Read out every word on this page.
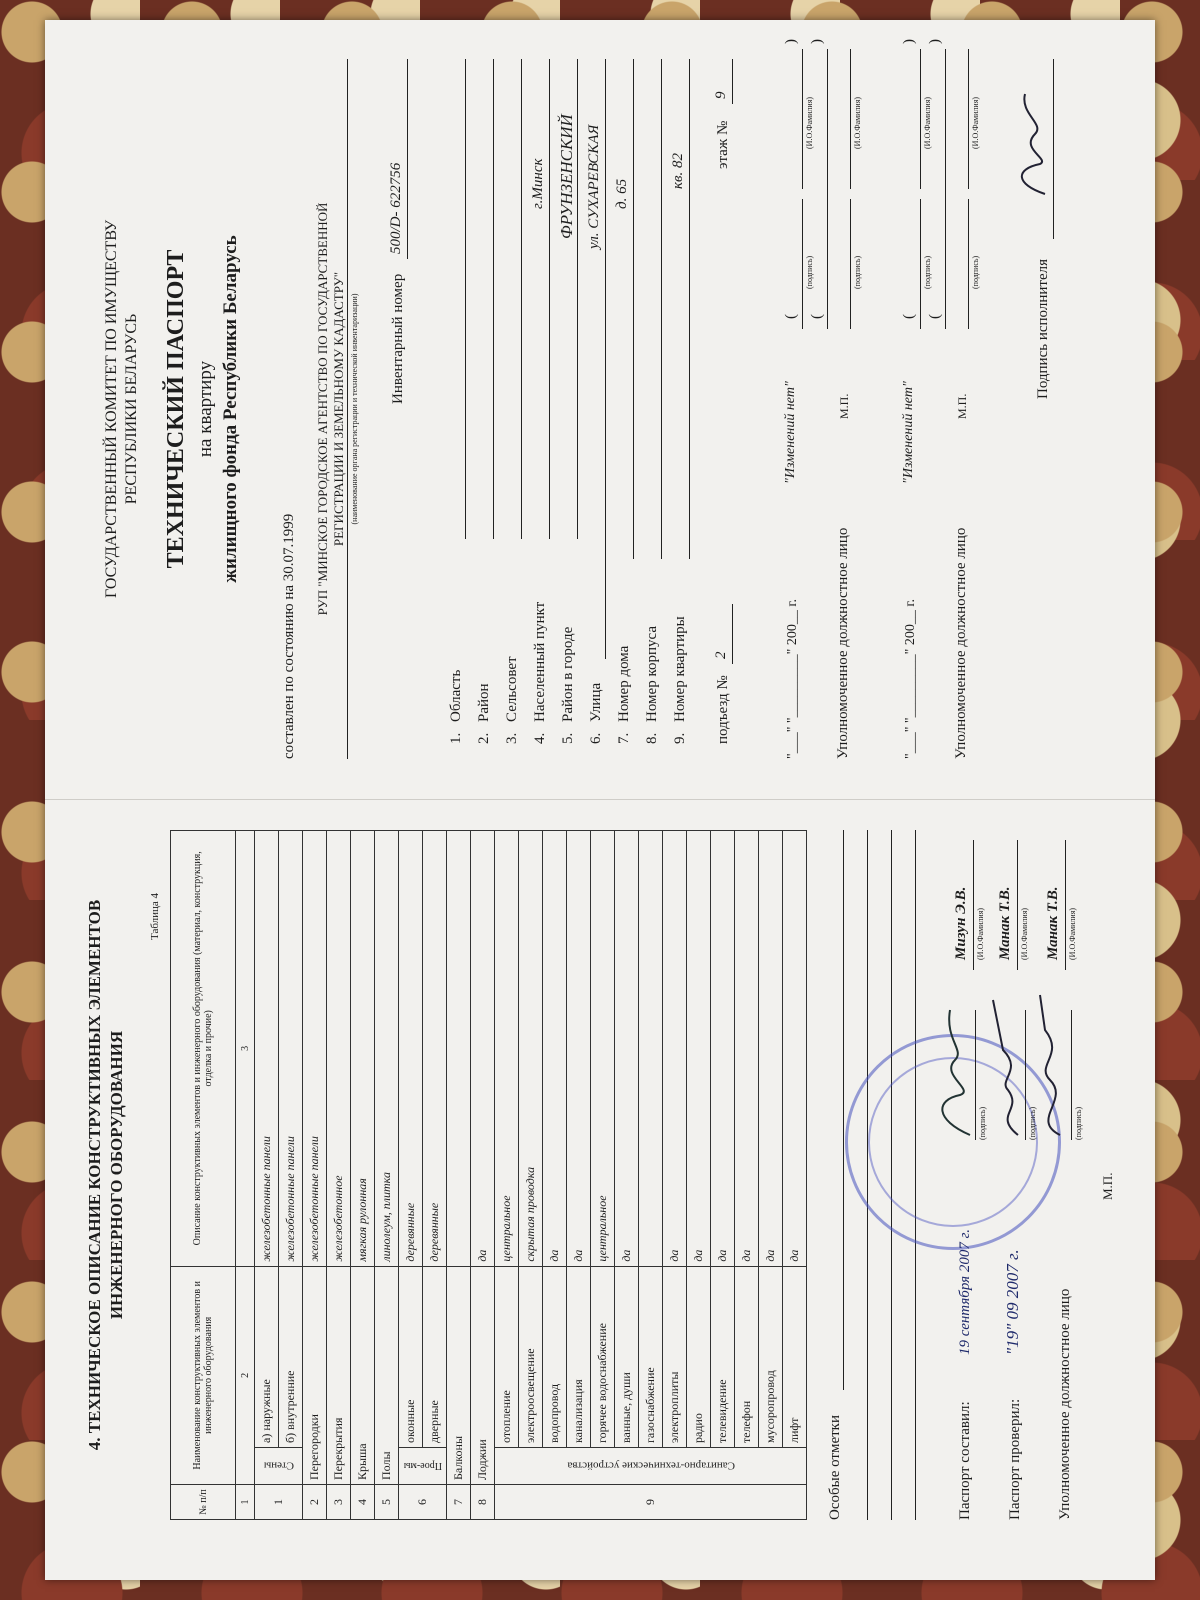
4. ТЕХНИЧЕСКОЕ ОПИСАНИЕ КОНСТРУКТИВНЫХ ЭЛЕМЕНТОВ ИНЖЕНЕРНОГО ОБОРУДОВАНИЯ
Таблица 4
№ п/п	Наименование конструктивных элементов и инженерного оборудования		Описание конструктивных элементов и инженерного оборудования (материал, конструкция, отделка и прочие)
1	2		3
1	Стены	а) наружные	железобетонные панели
		б) внутренние	железобетонные панели
2	Перегородки		железобетонные панели
3	Перекрытия		железобетонное
4	Крыша		мягкая рулонная
5	Полы		линолеум, плитка
6	Прое-мы	оконные	деревянные
		дверные	деревянные
7	Балконы		
8	Лоджии		да
9	Санитарно-технические устройства	отопление	центральное
		электроосвещение	скрытая проводка
		водопровод	да
		канализация	да
		горячее водоснабжение	центральное
		ванные, души	да
		газоснабжение	
		электроплиты	да
		радио	да
		телевидение	да
		телефон	да
		мусоропровод	да
		лифт	да
Особые отметки	Паспорт составил:
19 сентября 2007 г.
(подпись)
Мизун Э.В. (И.О.Фамилия)
Паспорт проверил:
"19" 09 2007 г.
(подпись)
Манак Т.В. (И.О.Фамилия)
Уполномоченное должностное лицо
(подпись)
Манак Т.В. (И.О.Фамилия)
М.П.
ГОСУДАРСТВЕННЫЙ КОМИТЕТ ПО ИМУЩЕСТВУ РЕСПУБЛИКИ БЕЛАРУСЬ ТЕХНИЧЕСКИЙ ПАСПОРТ на квартиру жилищного фонда Республики Беларусь
составлен по состоянию на 30.07.1999
РУП "МИНСКОЕ ГОРОДСКОЕ АГЕНТСТВО ПО ГОСУДАРСТВЕННОЙ РЕГИСТРАЦИИ И ЗЕМЕЛЬНОМУ КАДАСТРУ" (наименование органа регистрации и технической инвентаризации) Инвентарный номер
500/D- 622756
1.Область
2.Район
3.Сельсовет
4.Населенный пункт
г.Минск
5.Район в городе
ФРУНЗЕНСКИЙ
6.Улица
ул. СУХАРЕВСКАЯ
7.Номер дома
д. 65
8.Номер корпуса
9.Номер квартиры
кв. 82
подъезд №
2
этаж №
9
"___" "_________" 200__ г.
"Изменений нет"
(
)
(подпись)
(И.О.Фамилия)
(
)
Уполномоченное должностное лицо
М.П.
(подпись)
(И.О.Фамилия)
"___" "_________" 200__ г.
"Изменений нет"
(
)
(подпись)
(И.О.Фамилия)
(
)
Уполномоченное должностное лицо
М.П.
(подпись)
(И.О.Фамилия)
Подпись исполнителя
